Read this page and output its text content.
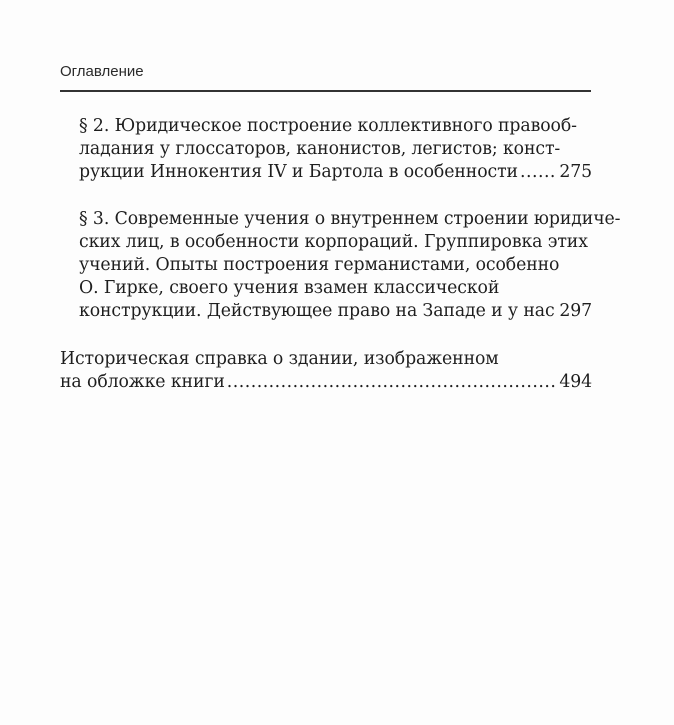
Оглавление
§ 2. Юридическое построение коллективного правооб-
ладания у глоссаторов, канонистов, легистов; конст-
рукции Иннокентия IV и Бартола в особенности ..... 275
§ 3. Современные учения о внутреннем строении юридиче-
ских лиц, в особенности корпораций. Группировка этих
учений. Опыты построения германистами, особенно
О. Гирке, своего учения взамен классической
конструкции. Действующее право на Западе и у нас ..... 297
Историческая справка о здании, изображенном
на обложке книги .....	494
